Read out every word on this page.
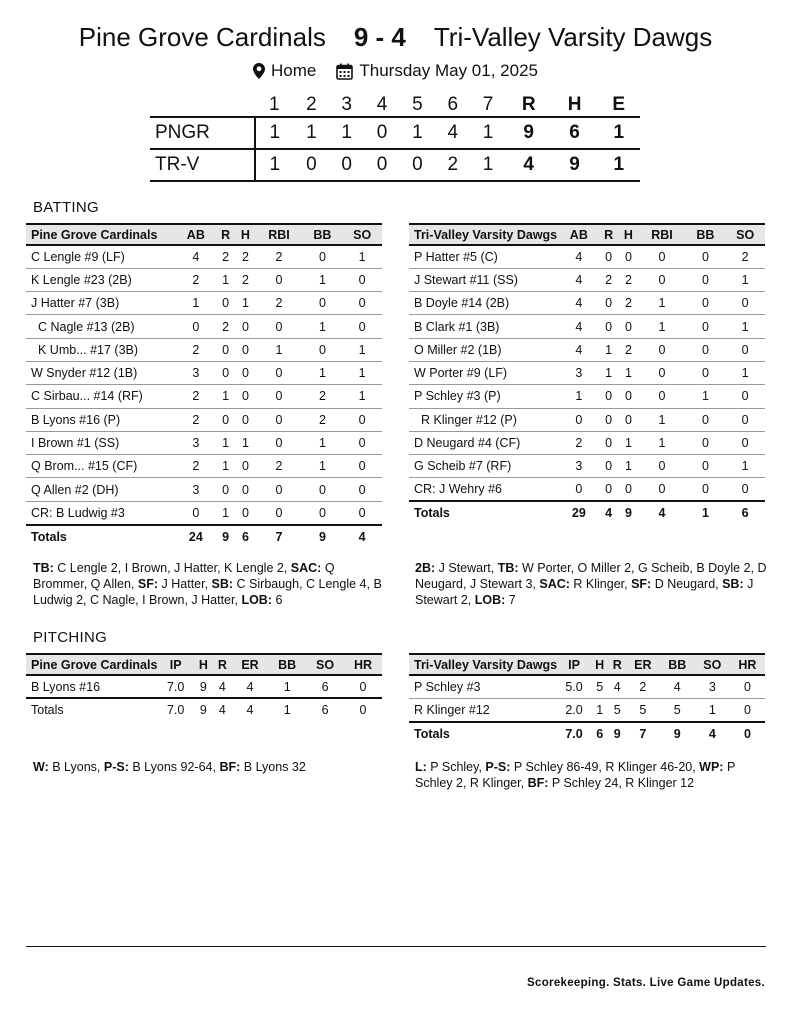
Pine Grove Cardinals	9 - 4	Tri-Valley Varsity Dawgs
Home	Thursday May 01, 2025
	1	2	3	4	5	6	7	R	H	E
PNGR	1	1	1	0	1	4	1	9	6	1
TR-V	1	0	0	0	0	2	1	4	9	1
BATTING
Pine Grove Cardinals	AB	R	H	RBI	BB	SO
C Lengle #9 (LF)	4	2	2	2	0	1
K Lengle #23 (2B)	2	1	2	0	1	0
J Hatter #7 (3B)	1	0	1	2	0	0
C Nagle #13 (2B)	0	2	0	0	1	0
K Umb... #17 (3B)	2	0	0	1	0	1
W Snyder #12 (1B)	3	0	0	0	1	1
C Sirbau... #14 (RF)	2	1	0	0	2	1
B Lyons #16 (P)	2	0	0	0	2	0
I Brown #1 (SS)	3	1	1	0	1	0
Q Brom... #15 (CF)	2	1	0	2	1	0
Q Allen #2 (DH)	3	0	0	0	0	0
CR: B Ludwig #3	0	1	0	0	0	0
Totals	24	9	6	7	9	4
Tri-Valley Varsity Dawgs	AB	R	H	RBI	BB	SO
P Hatter #5 (C)	4	0	0	0	0	2
J Stewart #11 (SS)	4	2	2	0	0	1
B Doyle #14 (2B)	4	0	2	1	0	0
B Clark #1 (3B)	4	0	0	1	0	1
O Miller #2 (1B)	4	1	2	0	0	0
W Porter #9 (LF)	3	1	1	0	0	1
P Schley #3 (P)	1	0	0	0	1	0
R Klinger #12 (P)	0	0	0	1	0	0
D Neugard #4 (CF)	2	0	1	1	0	0
G Scheib #7 (RF)	3	0	1	0	0	1
CR: J Wehry #6	0	0	0	0	0	0
Totals	29	4	9	4	1	6
TB: C Lengle 2, I Brown, J Hatter, K Lengle 2, SAC: Q Brommer, Q Allen, SF: J Hatter, SB: C Sirbaugh, C Lengle 4, B Ludwig 2, C Nagle, I Brown, J Hatter, LOB: 6
2B: J Stewart, TB: W Porter, O Miller 2, G Scheib, B Doyle 2, D Neugard, J Stewart 3, SAC: R Klinger, SF: D Neugard, SB: J Stewart 2, LOB: 7
PITCHING
Pine Grove Cardinals	IP	H	R	ER	BB	SO	HR
B Lyons #16	7.0	9	4	4	1	6	0
Totals	7.0	9	4	4	1	6	0
Tri-Valley Varsity Dawgs	IP	H	R	ER	BB	SO	HR
P Schley #3	5.0	5	4	2	4	3	0
R Klinger #12	2.0	1	5	5	5	1	0
Totals	7.0	6	9	7	9	4	0
W: B Lyons, P-S: B Lyons 92-64, BF: B Lyons 32	L: P Schley, P-S: P Schley 86-49, R Klinger 46-20, WP: P Schley 2, R Klinger, BF: P Schley 24, R Klinger 12
Scorekeeping. Stats. Live Game Updates.
